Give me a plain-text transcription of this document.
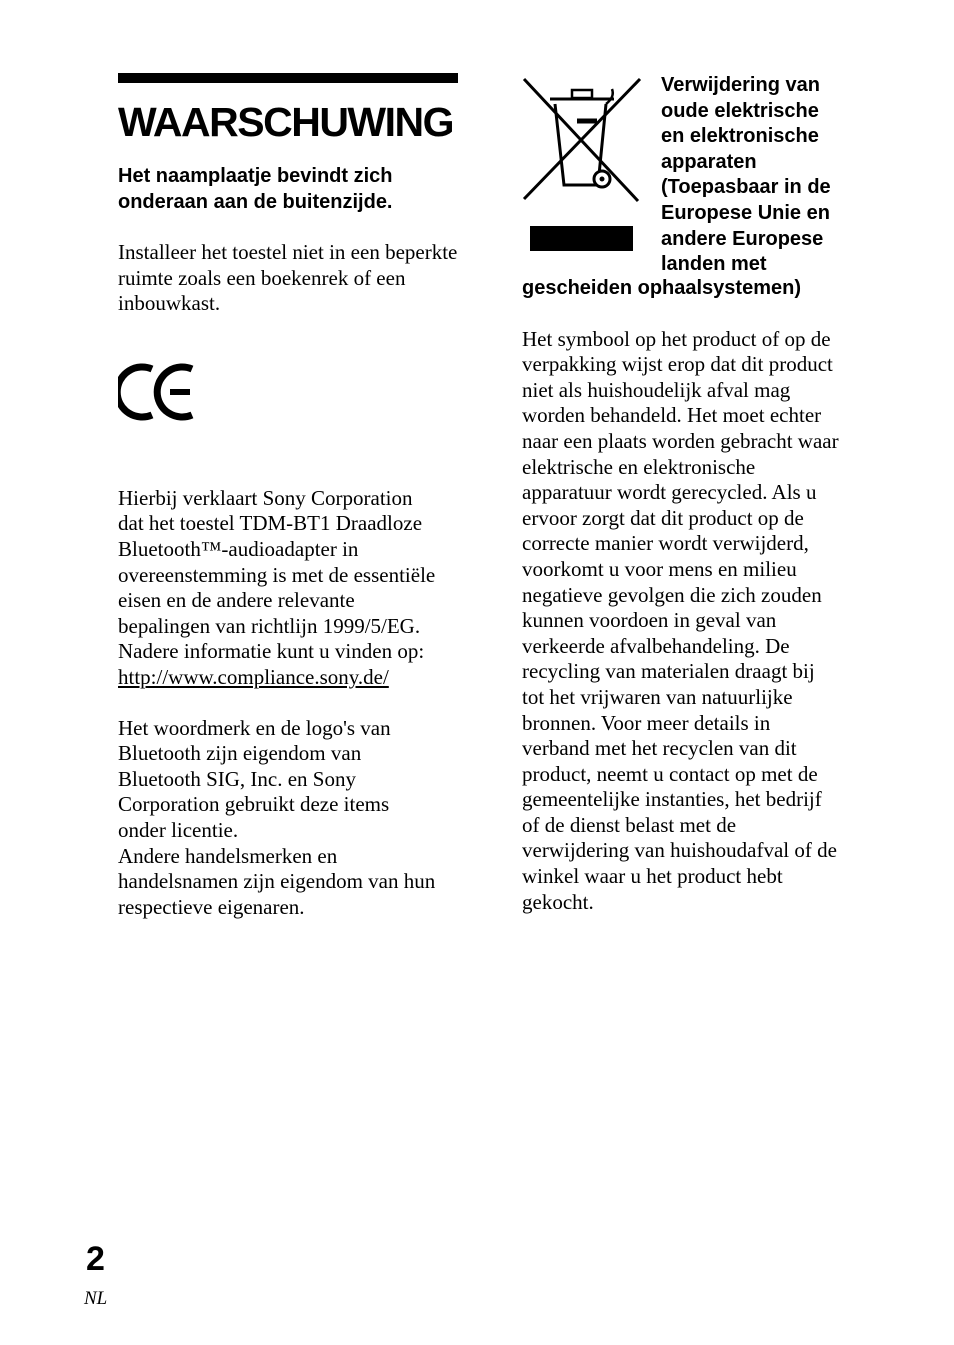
WAARSCHUWING
Het naamplaatje bevindt zich onderaan aan de buitenzijde.
Installeer het toestel niet in een beperkte ruimte zoals een boekenrek of een inbouwkast.
Hierbij verklaart Sony Corporation
dat het toestel TDM-BT1 Draadloze
Bluetooth™-audioadapter in
overeenstemming is met de essentiële
eisen en de andere relevante
bepalingen van richtlijn 1999/5/EG.
Nadere informatie kunt u vinden op:
http://www.compliance.sony.de/
Het woordmerk en de logo's van
Bluetooth zijn eigendom van
Bluetooth SIG, Inc. en Sony
Corporation gebruikt deze items
onder licentie.
Andere handelsmerken en
handelsnamen zijn eigendom van hun
respectieve eigenaren.
Verwijdering van
oude elektrische
en elektronische
apparaten
(Toepasbaar in de
Europese Unie en
andere Europese
landen met
gescheiden ophaalsystemen)
Het symbool op het product of op de
verpakking wijst erop dat dit product
niet als huishoudelijk afval mag
worden behandeld. Het moet echter
naar een plaats worden gebracht waar
elektrische en elektronische
apparatuur wordt gerecycled. Als u
ervoor zorgt dat dit product op de
correcte manier wordt verwijderd,
voorkomt u voor mens en milieu
negatieve gevolgen die zich zouden
kunnen voordoen in geval van
verkeerde afvalbehandeling. De
recycling van materialen draagt bij
tot het vrijwaren van natuurlijke
bronnen. Voor meer details in
verband met het recyclen van dit
product, neemt u contact op met de
gemeentelijke instanties, het bedrijf
of de dienst belast met de
verwijdering van huishoudafval of de
winkel waar u het product hebt
gekocht.
2
NL
